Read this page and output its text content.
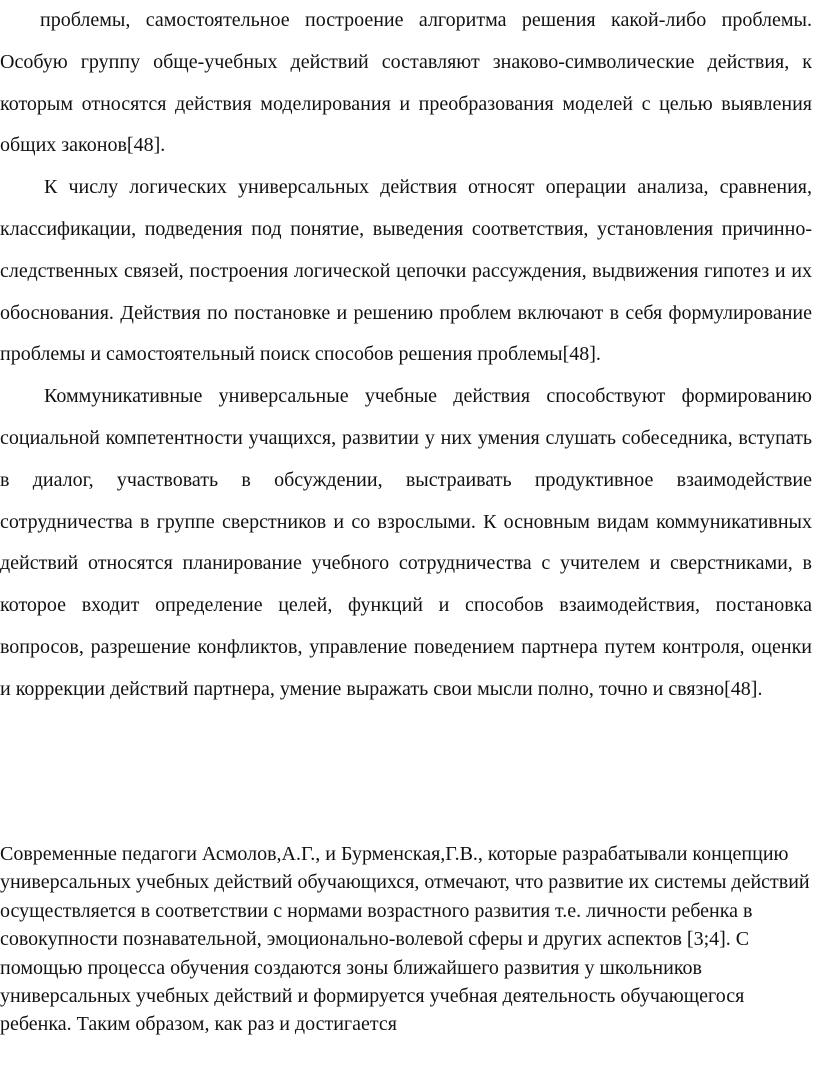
проблемы, самостоятельное построение алгоритма решения какой-либо проблемы. Особую группу обще-учебных действий составляют знаково-символические действия, к которым относятся действия моделирования и преобразования моделей с целью выявления общих законов[48].

К числу логических универсальных действия относят операции анализа, сравнения, классификации, подведения под понятие, выведения соответствия, установления причинно-следственных связей, построения логической цепочки рассуждения, выдвижения гипотез и их обоснования. Действия по постановке и решению проблем включают в себя формулирование проблемы и самостоятельный поиск способов решения проблемы[48].

Коммуникативные универсальные учебные действия способствуют формированию социальной компетентности учащихся, развитии у них умения слушать собеседника, вступать в диалог, участвовать в обсуждении, выстраивать продуктивное взаимодействие сотрудничества в группе сверстников и со взрослыми. К основным видам коммуникативных действий относятся планирование учебного сотрудничества с учителем и сверстниками, в которое входит определение целей, функций и способов взаимодействия, постановка вопросов, разрешение конфликтов, управление поведением партнера путем контроля, оценки и коррекции действий партнера, умение выражать свои мысли полно, точно и связно[48].

Современные педагоги Асмолов,А.Г., и Бурменская,Г.В., которые разрабатывали концепцию универсальных учебных действий обучающихся, отмечают, что развитие их системы действий осуществляется в соответствии с нормами возрастного развития т.е. личности ребенка в совокупности познавательной, эмоционально-волевой сферы и других аспектов [3;4]. С помощью процесса обучения создаются зоны ближайшего развития у школьников универсальных учебных действий и формируется учебная деятельность обучающегося ребенка. Таким образом, как раз и достигается
